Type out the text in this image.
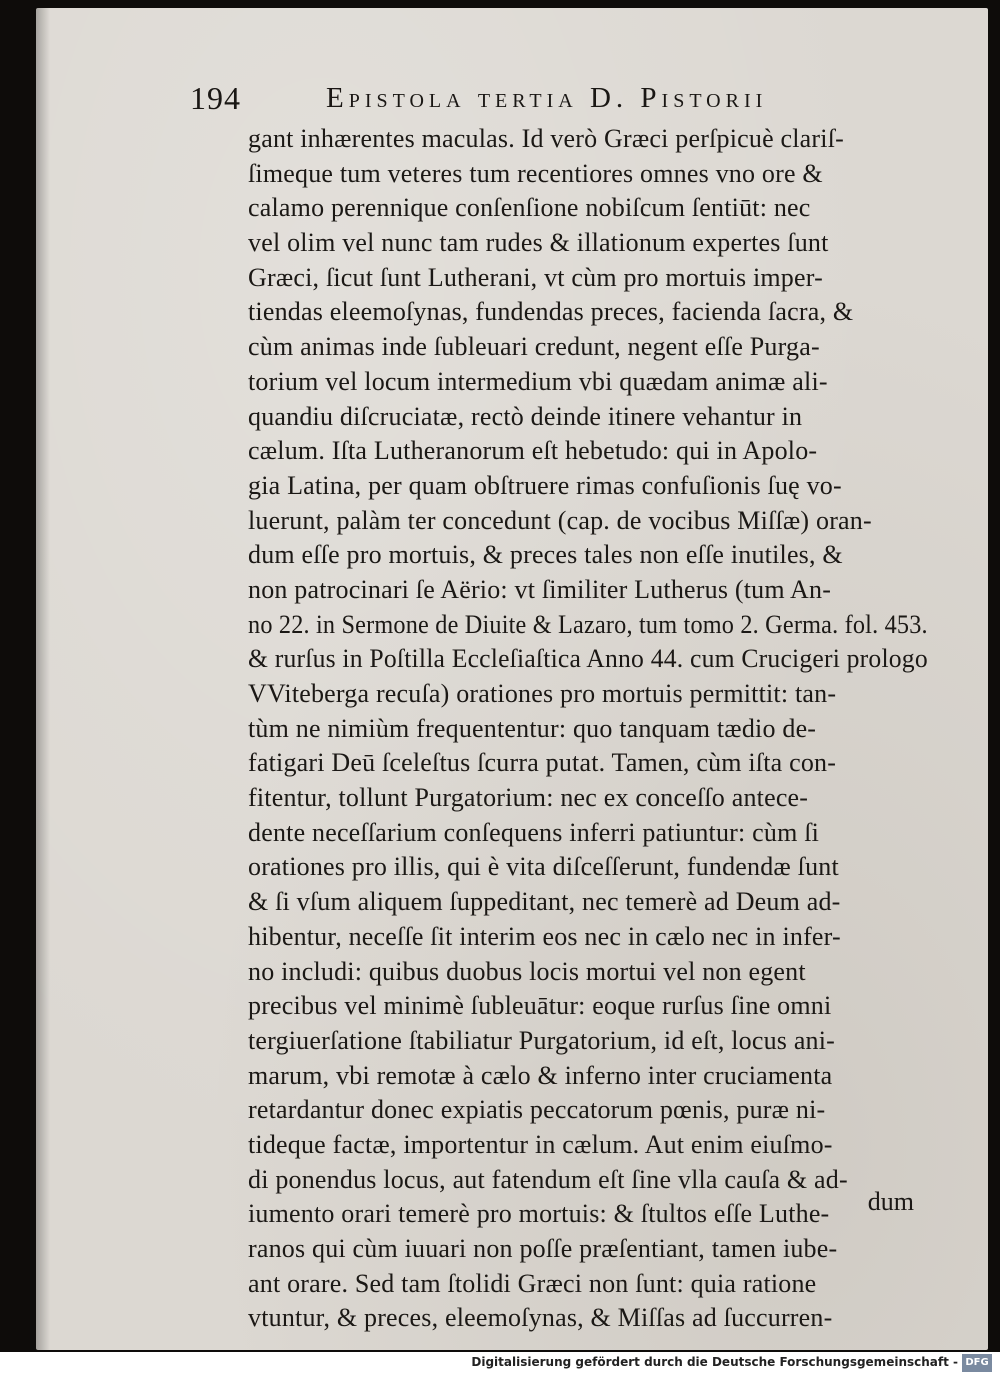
194	Epistola tertia D. Pistorii
gant inhærentes maculas. Id verò Græci perſpicuè clariſ-
ſimeque tum veteres tum recentiores omnes vno ore &
calamo perennique conſenſione nobiſcum ſentiūt: nec
vel olim vel nunc tam rudes & illationum expertes ſunt
Græci, ſicut ſunt Lutherani, vt cùm pro mortuis imper-
tiendas eleemoſynas, fundendas preces, facienda ſacra, &
cùm animas inde ſubleuari credunt, negent eſſe Purga-
torium vel locum intermedium vbi quædam animæ ali-
quandiu diſcruciatæ, rectò deinde itinere vehantur in
cælum. Iſta Lutheranorum eſt hebetudo: qui in Apolo-
gia Latina, per quam obſtruere rimas confuſionis ſuę vo-
luerunt, palàm ter concedunt (cap. de vocibus Miſſæ) oran-
dum eſſe pro mortuis, & preces tales non eſſe inutiles, &
non patrocinari ſe Aërio: vt ſimiliter Lutherus (tum An-
no 22. in Sermone de Diuite & Lazaro, tum tomo 2. Germa. fol. 453.
& rurſus in Poſtilla Eccleſiaſtica Anno 44. cum Crucigeri prologo
VViteberga recuſa) orationes pro mortuis permittit: tan-
tùm ne nimiùm frequententur: quo tanquam tædio de-
fatigari Deū ſceleſtus ſcurra putat. Tamen, cùm iſta con-
fitentur, tollunt Purgatorium: nec ex conceſſo antece-
dente neceſſarium conſequens inferri patiuntur: cùm ſi
orationes pro illis, qui è vita diſceſſerunt, fundendæ ſunt
& ſi vſum aliquem ſuppeditant, nec temerè ad Deum ad-
hibentur, neceſſe ſit interim eos nec in cælo nec in infer-
no includi: quibus duobus locis mortui vel non egent
precibus vel minimè ſubleuātur: eoque rurſus ſine omni
tergiuerſatione ſtabiliatur Purgatorium, id eſt, locus ani-
marum, vbi remotæ à cælo & inferno inter cruciamenta
retardantur donec expiatis peccatorum pœnis, puræ ni-
tideque factæ, importentur in cælum. Aut enim eiuſmo-
di ponendus locus, aut fatendum eſt ſine vlla cauſa & ad-
iumento orari temerè pro mortuis: & ſtultos eſſe Luthe-
ranos qui cùm iuuari non poſſe præſentiant, tamen iube-
ant orare. Sed tam ſtolidi Græci non ſunt: quia ratione
vtuntur, & preces, eleemoſynas, & Miſſas ad ſuccurren-
dum
Digitalisierung gefördert durch die Deutsche Forschungsgemeinschaft - DFG
